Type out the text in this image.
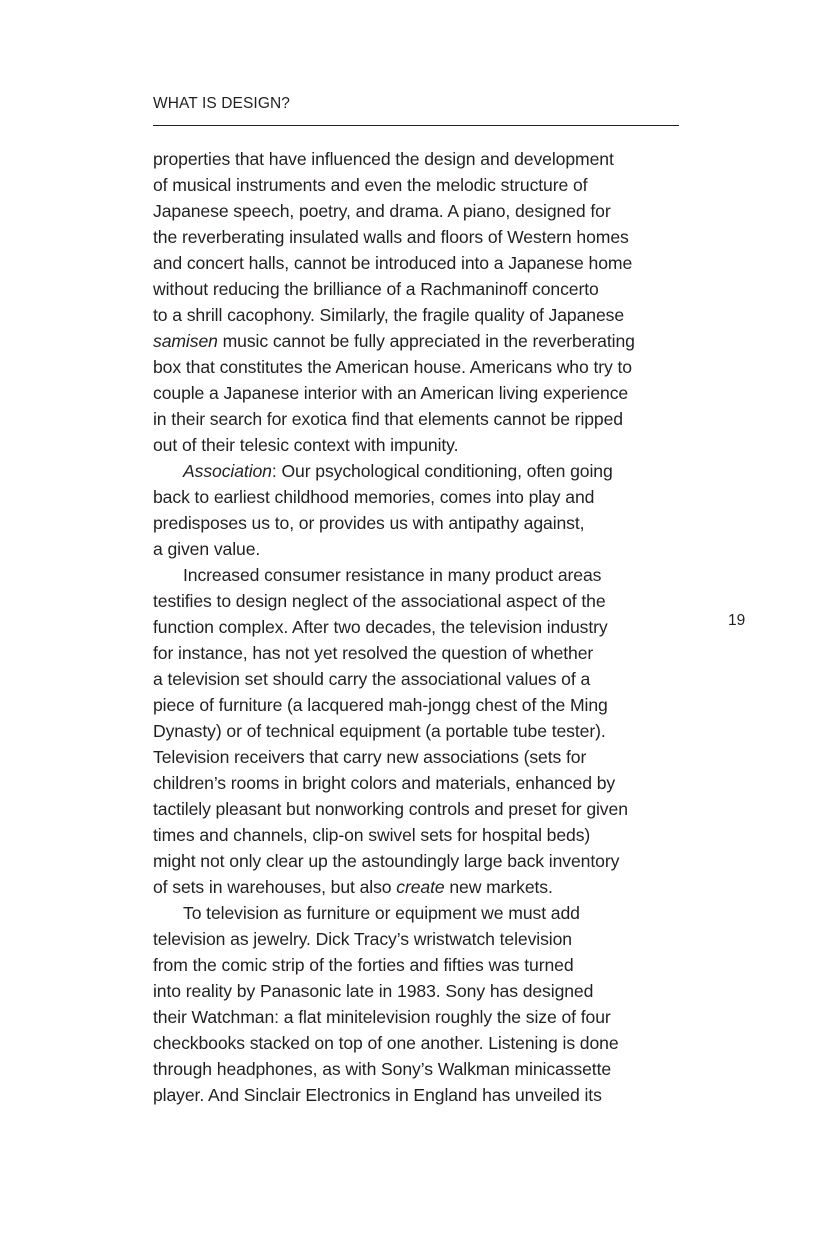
WHAT IS DESIGN?
properties that have influenced the design and development
of musical instruments and even the melodic structure of
Japanese speech, poetry, and drama. A piano, designed for
the reverberating insulated walls and floors of Western homes
and concert halls, cannot be introduced into a Japanese home
without reducing the brilliance of a Rachmaninoff concerto
to a shrill cacophony. Similarly, the fragile quality of Japanese
samisen music cannot be fully appreciated in the reverberating
box that constitutes the American house. Americans who try to
couple a Japanese interior with an American living experience
in their search for exotica find that elements cannot be ripped
out of their telesic context with impunity.
Association: Our psychological conditioning, often going
back to earliest childhood memories, comes into play and
predisposes us to, or provides us with antipathy against,
a given value.
Increased consumer resistance in many product areas
testifies to design neglect of the associational aspect of the
function complex. After two decades, the television industry
for instance, has not yet resolved the question of whether
a television set should carry the associational values of a
piece of furniture (a lacquered mah-jongg chest of the Ming
Dynasty) or of technical equipment (a portable tube tester).
Television receivers that carry new associations (sets for
children’s rooms in bright colors and materials, enhanced by
tactilely pleasant but nonworking controls and preset for given
times and channels, clip-on swivel sets for hospital beds)
might not only clear up the astoundingly large back inventory
of sets in warehouses, but also create new markets.
To television as furniture or equipment we must add
television as jewelry. Dick Tracy’s wristwatch television
from the comic strip of the forties and fifties was turned
into reality by Panasonic late in 1983. Sony has designed
their Watchman: a flat minitelevision roughly the size of four
checkbooks stacked on top of one another. Listening is done
through headphones, as with Sony’s Walkman minicassette
player. And Sinclair Electronics in England has unveiled its
19
